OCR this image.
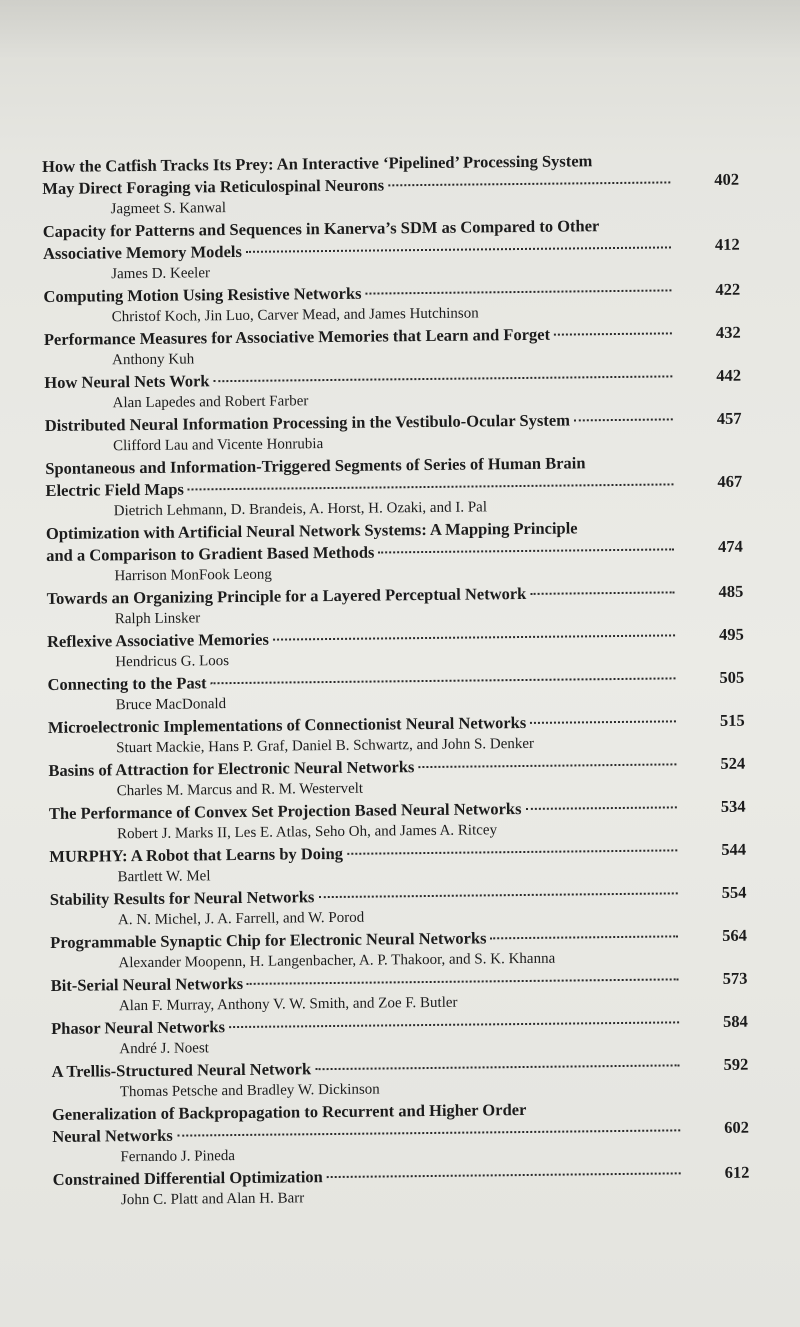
How the Catfish Tracks Its Prey: An Interactive ‘Pipelined’ Processing System
May Direct Foraging via Reticulospinal Neurons
Jagmeet S. Kanwal
402
Capacity for Patterns and Sequences in Kanerva’s SDM as Compared to Other
Associative Memory Models
James D. Keeler
412
Computing Motion Using Resistive Networks
Christof Koch, Jin Luo, Carver Mead, and James Hutchinson
422
Performance Measures for Associative Memories that Learn and Forget
Anthony Kuh
432
How Neural Nets Work
Alan Lapedes and Robert Farber
442
Distributed Neural Information Processing in the Vestibulo-Ocular System
Clifford Lau and Vicente Honrubia
457
Spontaneous and Information-Triggered Segments of Series of Human Brain
Electric Field Maps
Dietrich Lehmann, D. Brandeis, A. Horst, H. Ozaki, and I. Pal
467
Optimization with Artificial Neural Network Systems: A Mapping Principle
and a Comparison to Gradient Based Methods
Harrison MonFook Leong
474
Towards an Organizing Principle for a Layered Perceptual Network
Ralph Linsker
485
Reflexive Associative Memories
Hendricus G. Loos
495
Connecting to the Past
Bruce MacDonald
505
Microelectronic Implementations of Connectionist Neural Networks
Stuart Mackie, Hans P. Graf, Daniel B. Schwartz, and John S. Denker
515
Basins of Attraction for Electronic Neural Networks
Charles M. Marcus and R. M. Westervelt
524
The Performance of Convex Set Projection Based Neural Networks
Robert J. Marks II, Les E. Atlas, Seho Oh, and James A. Ritcey
534
MURPHY: A Robot that Learns by Doing
Bartlett W. Mel
544
Stability Results for Neural Networks
A. N. Michel, J. A. Farrell, and W. Porod
554
Programmable Synaptic Chip for Electronic Neural Networks
Alexander Moopenn, H. Langenbacher, A. P. Thakoor, and S. K. Khanna
564
Bit-Serial Neural Networks
Alan F. Murray, Anthony V. W. Smith, and Zoe F. Butler
573
Phasor Neural Networks
André J. Noest
584
A Trellis-Structured Neural Network
Thomas Petsche and Bradley W. Dickinson
592
Generalization of Backpropagation to Recurrent and Higher Order
Neural Networks
Fernando J. Pineda
602
Constrained Differential Optimization
John C. Platt and Alan H. Barr
612
